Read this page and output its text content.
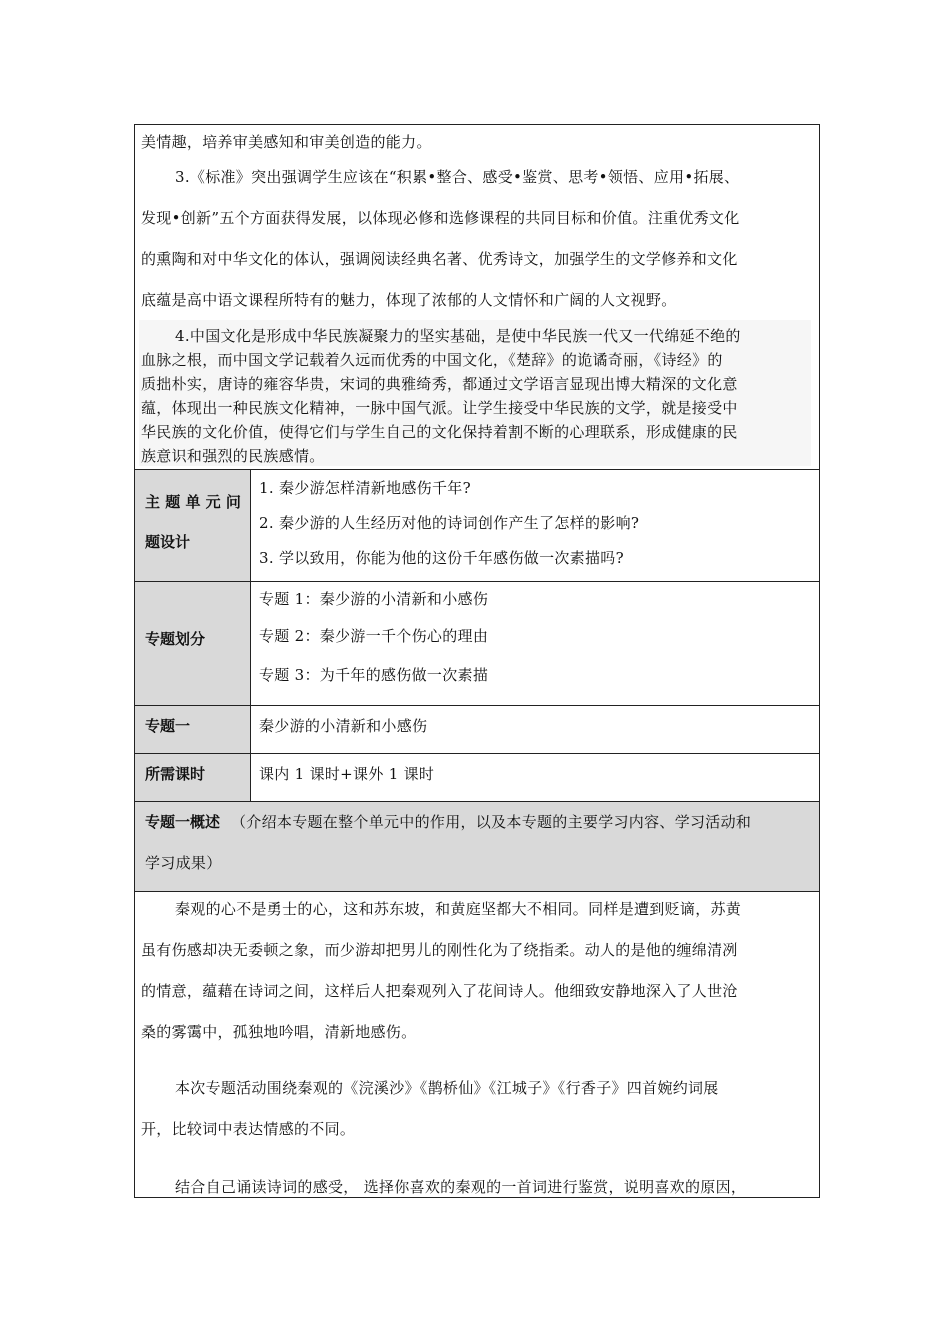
美情趣，培养审美感知和审美创造的能力。
3.《标准》突出强调学生应该在“积累•整合、感受•鉴赏、思考•领悟、应用•拓展、
发现•创新”五个方面获得发展，以体现必修和选修课程的共同目标和价值。注重优秀文化
的熏陶和对中华文化的体认，强调阅读经典名著、优秀诗文，加强学生的文学修养和文化
底蕴是高中语文课程所特有的魅力，体现了浓郁的人文情怀和广阔的人文视野。
4.中国文化是形成中华民族凝聚力的坚实基础，是使中华民族一代又一代绵延不绝的
血脉之根，而中国文学记载着久远而优秀的中国文化，《楚辞》的诡谲奇丽，《诗经》的
质拙朴实，唐诗的雍容华贵，宋词的典雅绮秀，都通过文学语言显现出博大精深的文化意
蕴，体现出一种民族文化精神，一脉中国气派。让学生接受中华民族的文学，就是接受中
华民族的文化价值，使得它们与学生自己的文化保持着割不断的心理联系，形成健康的民
族意识和强烈的民族感情。
主 题 单 元 问
题设计
1. 秦少游怎样清新地感伤千年?
2. 秦少游的人生经历对他的诗词创作产生了怎样的影响?
3. 学以致用，你能为他的这份千年感伤做一次素描吗?
专题划分
专题 1：秦少游的小清新和小感伤
专题 2：秦少游一千个伤心的理由
专题 3：为千年的感伤做一次素描
专题一	秦少游的小清新和小感伤
所需课时	课内 1 课时+课外 1 课时
专题一概述 （介绍本专题在整个单元中的作用，以及本专题的主要学习内容、学习活动和
学习成果）
秦观的心不是勇士的心，这和苏东坡，和黄庭坚都大不相同。同样是遭到贬谪，苏黄
虽有伤感却决无委顿之象，而少游却把男儿的刚性化为了绕指柔。动人的是他的缠绵清冽
的情意，蕴藉在诗词之间，这样后人把秦观列入了花间诗人。他细致安静地深入了人世沧
桑的雾霭中，孤独地吟唱，清新地感伤。
本次专题活动围绕秦观的《浣溪沙》《鹊桥仙》《江城子》《行香子》四首婉约词展
开，比较词中表达情感的不同。
结合自己诵读诗词的感受， 选择你喜欢的秦观的一首词进行鉴赏，说明喜欢的原因，
